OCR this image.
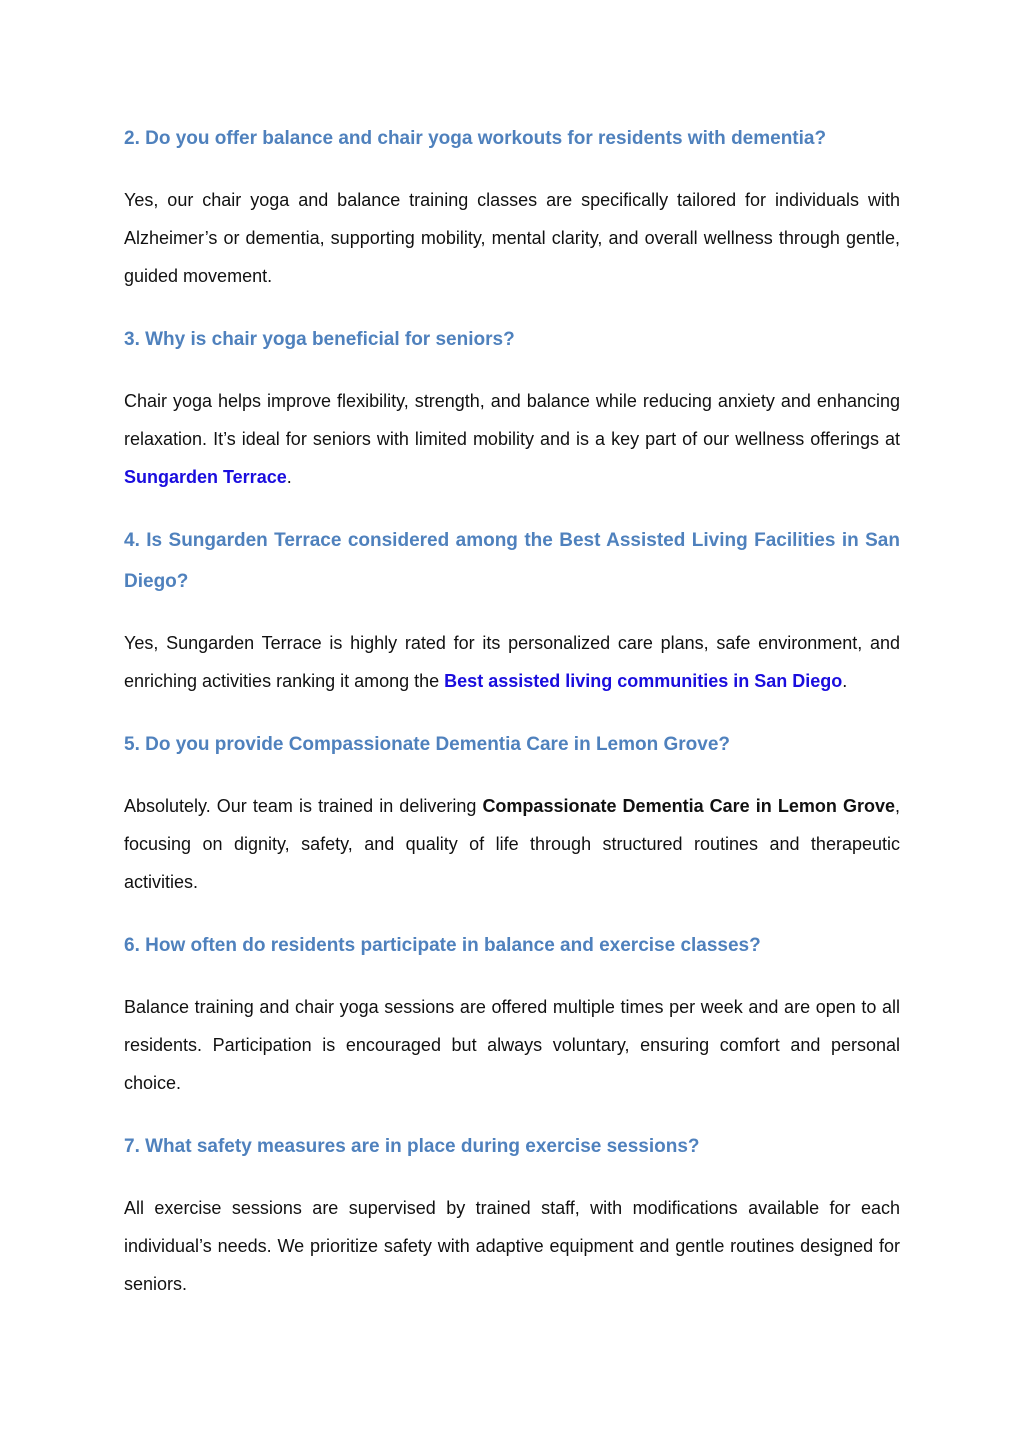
2. Do you offer balance and chair yoga workouts for residents with dementia?

Yes, our chair yoga and balance training classes are specifically tailored for individuals with Alzheimer’s or dementia, supporting mobility, mental clarity, and overall wellness through gentle, guided movement.

3. Why is chair yoga beneficial for seniors?

Chair yoga helps improve flexibility, strength, and balance while reducing anxiety and enhancing relaxation. It’s ideal for seniors with limited mobility and is a key part of our wellness offerings at Sungarden Terrace.

4. Is Sungarden Terrace considered among the Best Assisted Living Facilities in San Diego?

Yes, Sungarden Terrace is highly rated for its personalized care plans, safe environment, and enriching activities ranking it among the Best assisted living communities in San Diego.

5. Do you provide Compassionate Dementia Care in Lemon Grove?

Absolutely. Our team is trained in delivering Compassionate Dementia Care in Lemon Grove, focusing on dignity, safety, and quality of life through structured routines and therapeutic activities.

6. How often do residents participate in balance and exercise classes?

Balance training and chair yoga sessions are offered multiple times per week and are open to all residents. Participation is encouraged but always voluntary, ensuring comfort and personal choice.

7. What safety measures are in place during exercise sessions?

All exercise sessions are supervised by trained staff, with modifications available for each individual’s needs. We prioritize safety with adaptive equipment and gentle routines designed for seniors.
